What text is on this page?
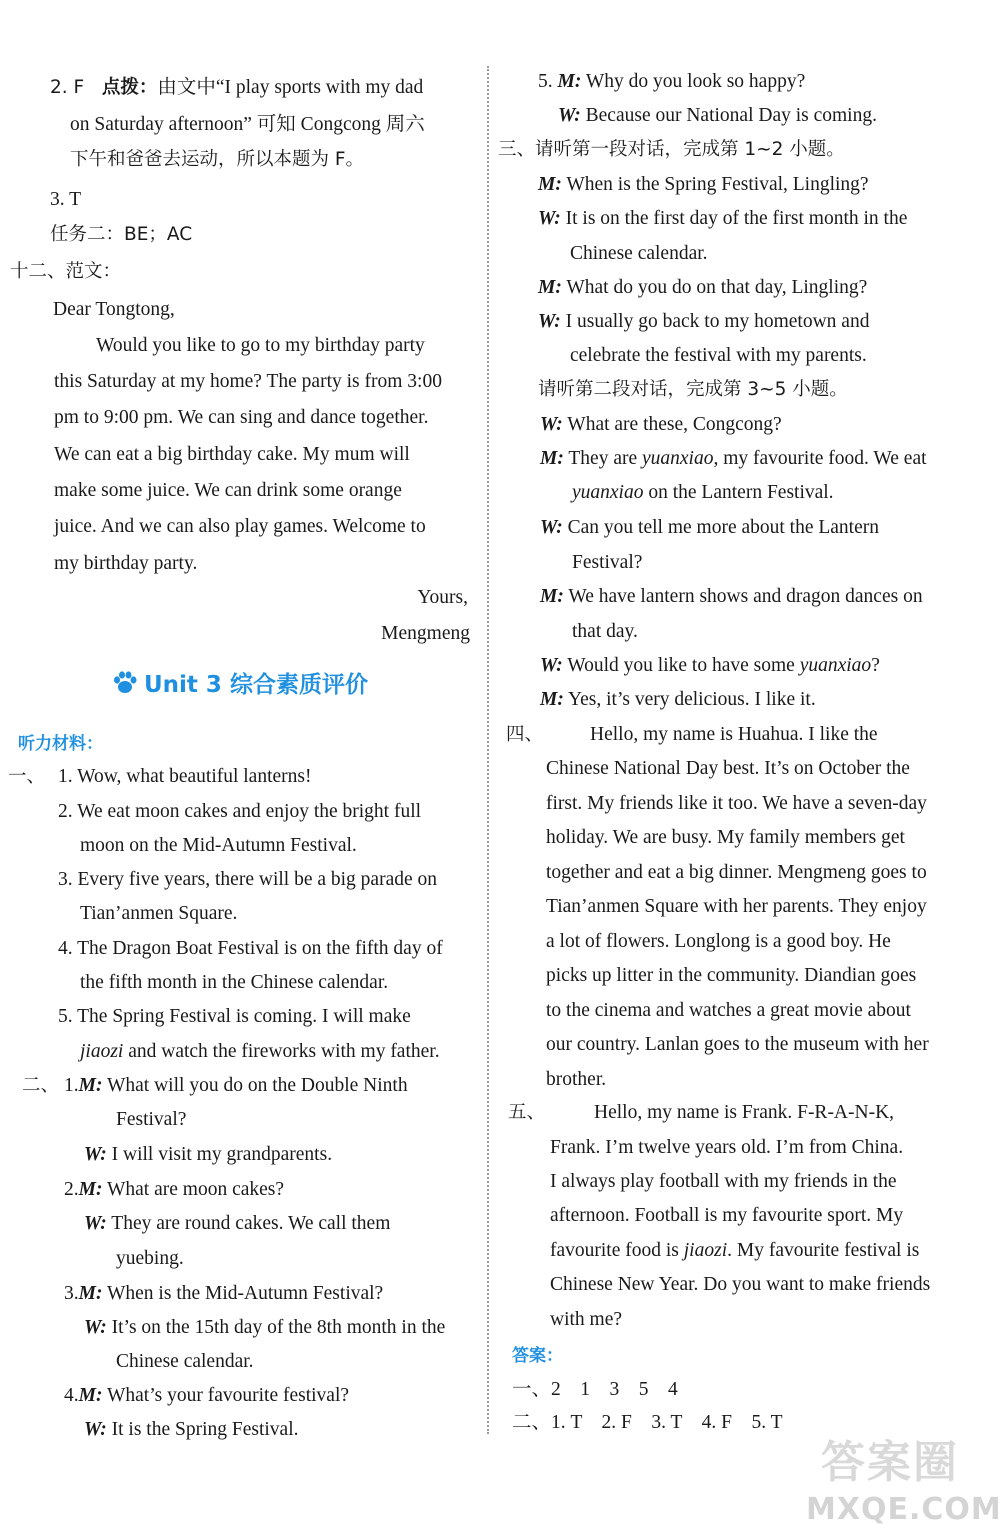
2. F 点拨：由文中“I play sports with my dad
on Saturday afternoon” 可知 Congcong 周六
下午和爸爸去运动，所以本题为 F。
3. T
任务二：BE；AC
十二、范文：
Dear Tongtong,
Would you like to go to my birthday party
this Saturday at my home? The party is from 3:00
pm to 9:00 pm. We can sing and dance together.
We can eat a big birthday cake. My mum will
make some juice. We can drink some orange
juice. And we can also play games. Welcome to
my birthday party.
Yours,
Mengmeng
Unit 3 综合素质评价
听力材料：
一、 1. Wow, what beautiful lanterns!
2. We eat moon cakes and enjoy the bright full
moon on the Mid-Autumn Festival.
3. Every five years, there will be a big parade on
Tian’anmen Square.
4. The Dragon Boat Festival is on the fifth day of
the fifth month in the Chinese calendar.
5. The Spring Festival is coming. I will make
jiaozi and watch the fireworks with my father.
二、 1.M: What will you do on the Double Ninth
Festival?
W: I will visit my grandparents.
2.M: What are moon cakes?
W: They are round cakes. We call them
yuebing.
3.M: When is the Mid-Autumn Festival?
W: It’s on the 15th day of the 8th month in the
Chinese calendar.
4.M: What’s your favourite festival?
W: It is the Spring Festival.
5. M: Why do you look so happy?
W: Because our National Day is coming.
三、请听第一段对话，完成第 1~2 小题。
M: When is the Spring Festival, Lingling?
W: It is on the first day of the first month in the
Chinese calendar.
M: What do you do on that day, Lingling?
W: I usually go back to my hometown and
celebrate the festival with my parents.
请听第二段对话，完成第 3~5 小题。
W: What are these, Congcong?
M: They are yuanxiao, my favourite food. We eat
yuanxiao on the Lantern Festival.
W: Can you tell me more about the Lantern
Festival?
M: We have lantern shows and dragon dances on
that day.
W: Would you like to have some yuanxiao?
M: Yes, it’s very delicious. I like it.
四、 Hello, my name is Huahua. I like the
Chinese National Day best. It’s on October the
first. My friends like it too. We have a seven-day
holiday. We are busy. My family members get
together and eat a big dinner. Mengmeng goes to
Tian’anmen Square with her parents. They enjoy
a lot of flowers. Longlong is a good boy. He
picks up litter in the community. Diandian goes
to the cinema and watches a great movie about
our country. Lanlan goes to the museum with her
brother.
五、	Hello, my name is Frank. F-R-A-N-K,
Frank. I’m twelve years old. I’m from China.
I always play football with my friends in the
afternoon. Football is my favourite sport. My
favourite food is jiaozi. My favourite festival is
Chinese New Year. Do you want to make friends
with me?
答案：
一、2　1　3　5　4
二、1. T　2. F　3. T　4. F　5. T
答案圈
MXQE.COM
